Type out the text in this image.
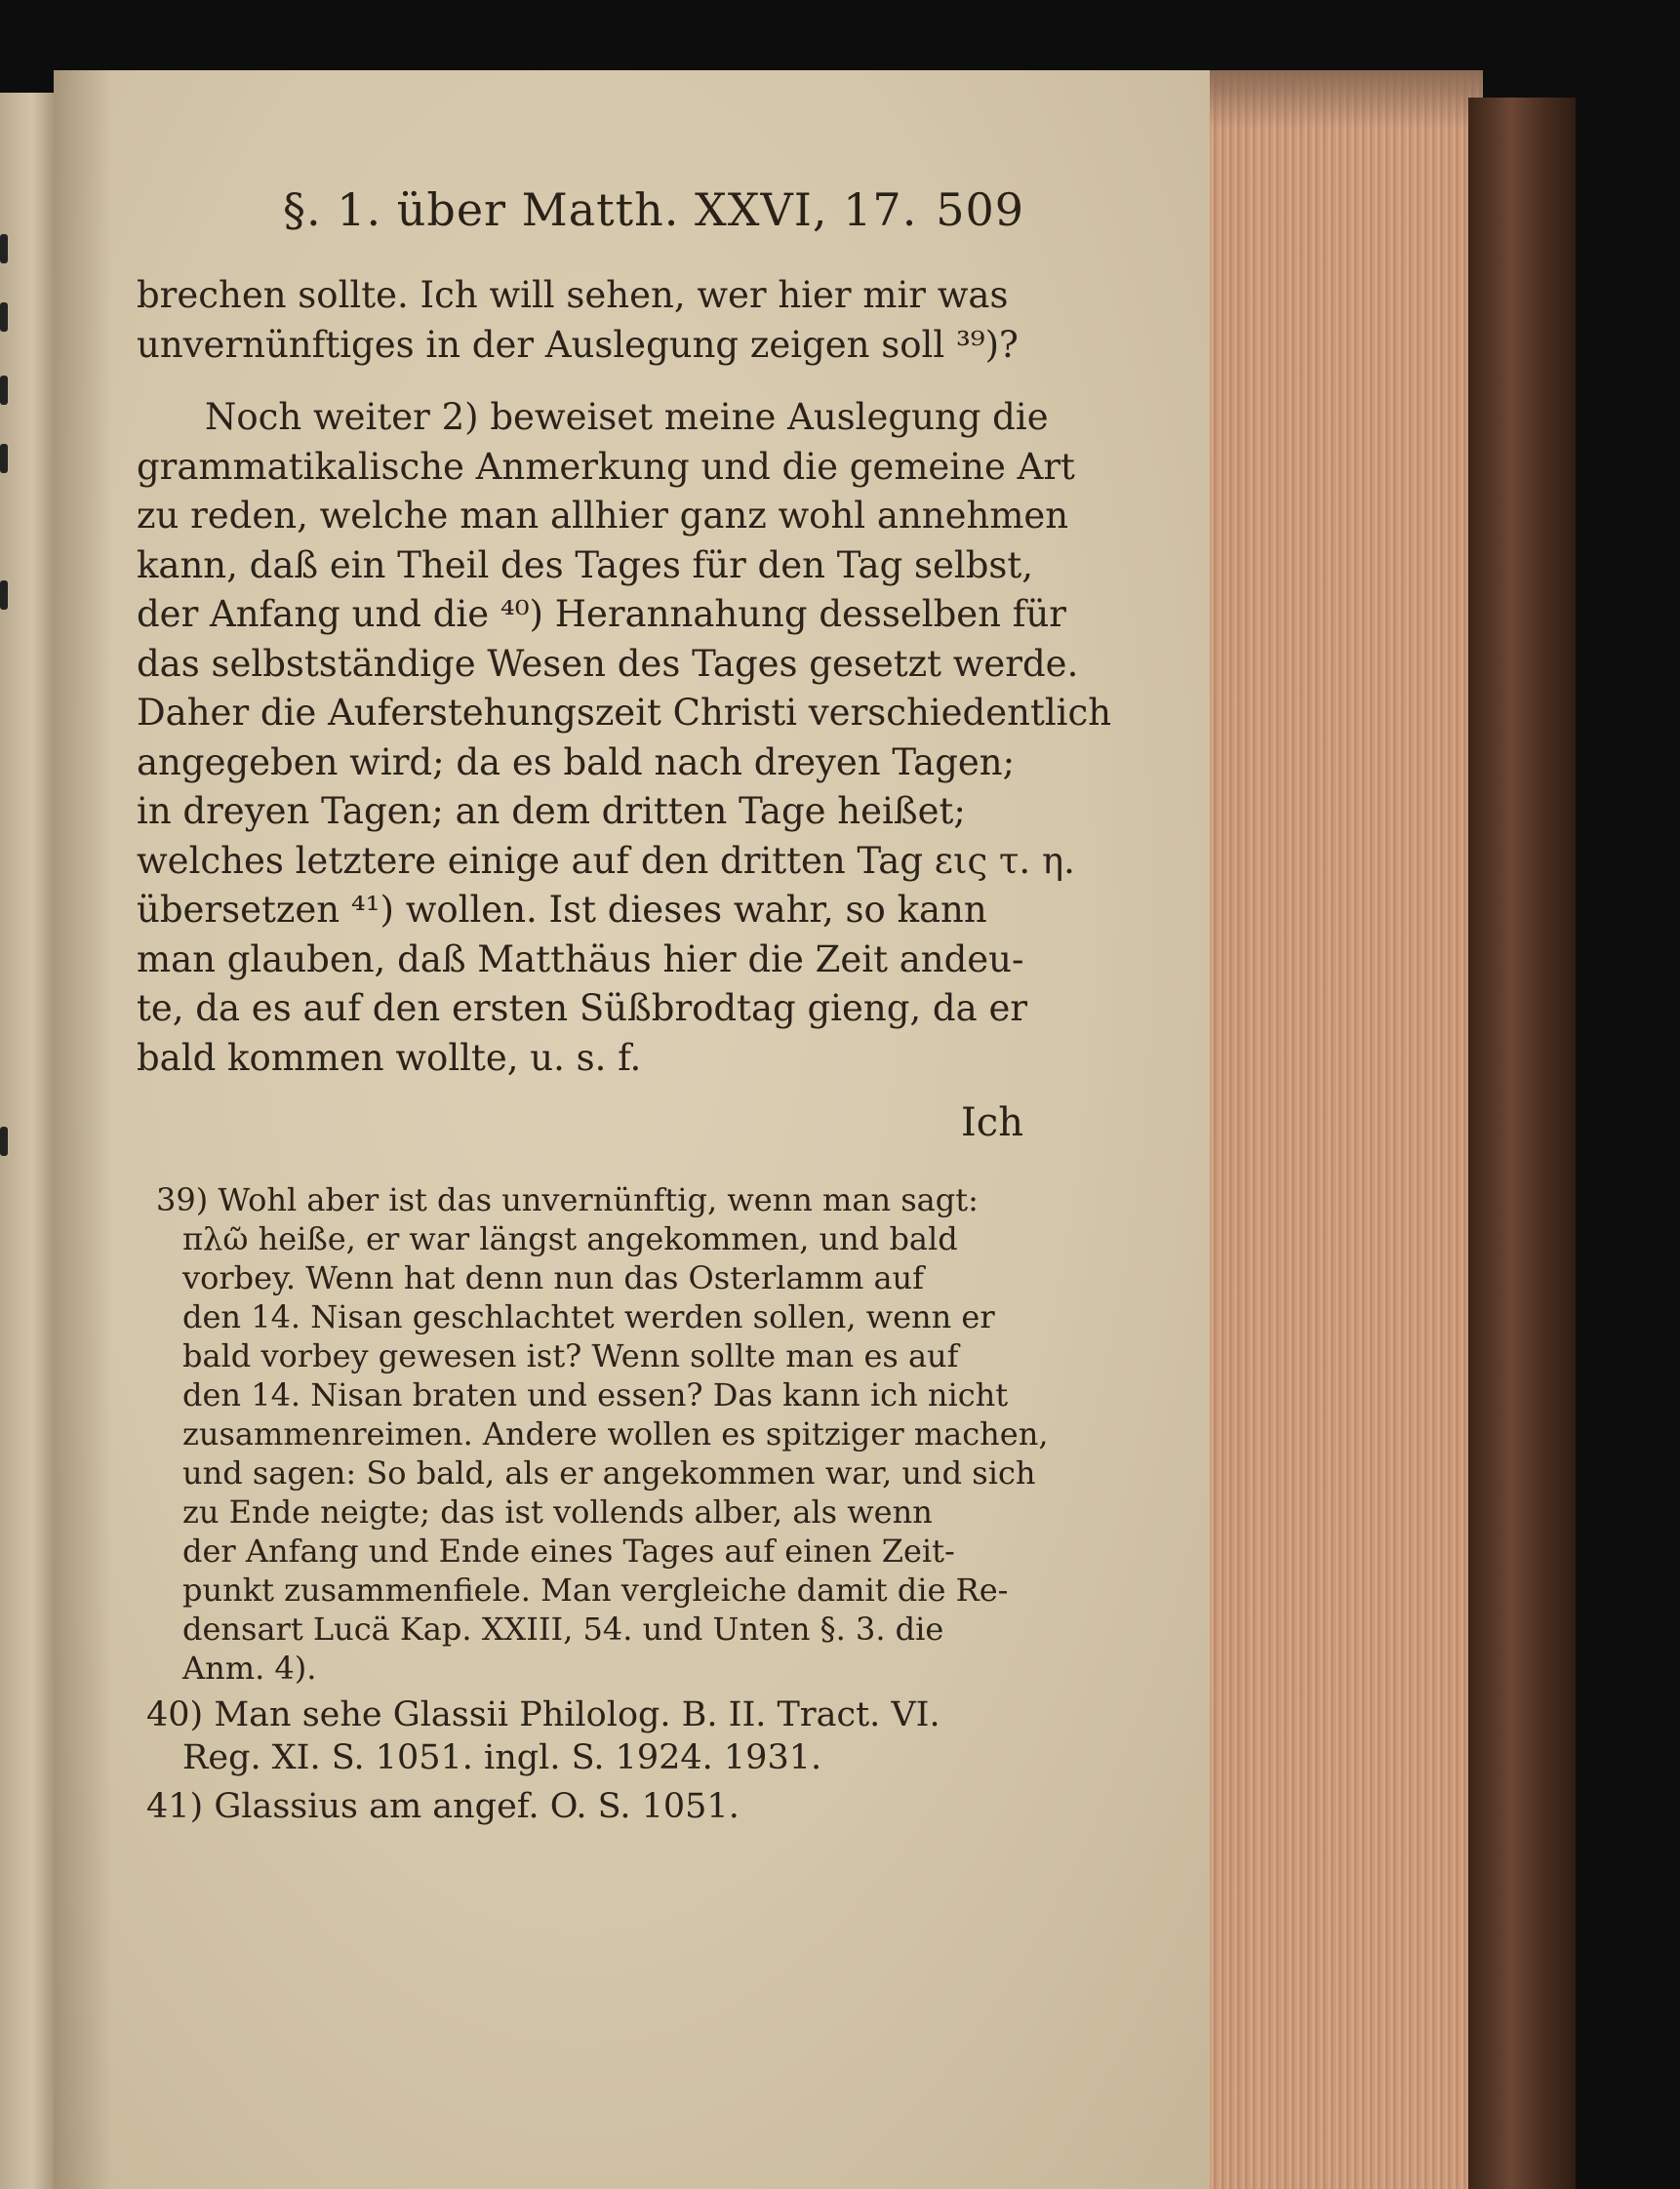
§. 1. über Matth. XXVI, 17. 509
brechen sollte. Ich will sehen, wer hier mir was
unvernünftiges in der Auslegung zeigen soll ³⁹)?
Noch weiter 2) beweiset meine Auslegung die
grammatikalische Anmerkung und die gemeine Art
zu reden, welche man allhier ganz wohl annehmen
kann, daß ein Theil des Tages für den Tag selbst,
der Anfang und die ⁴⁰) Herannahung desselben für
das selbstständige Wesen des Tages gesetzt werde.
Daher die Auferstehungszeit Christi verschiedentlich
angegeben wird; da es bald nach dreyen Tagen;
in dreyen Tagen; an dem dritten Tage heißet;
welches letztere einige auf den dritten Tag εις τ. η.
übersetzen ⁴¹) wollen. Ist dieses wahr, so kann
man glauben, daß Matthäus hier die Zeit andeu-
te, da es auf den ersten Süßbrodtag gieng, da er
bald kommen wollte, u. s. f.
Ich
39) Wohl aber ist das unvernünftig, wenn man sagt:
πλῶ heiße, er war längst angekommen, und bald
vorbey. Wenn hat denn nun das Osterlamm auf
den 14. Nisan geschlachtet werden sollen, wenn er
bald vorbey gewesen ist? Wenn sollte man es auf
den 14. Nisan braten und essen? Das kann ich nicht
zusammenreimen. Andere wollen es spitziger machen,
und sagen: So bald, als er angekommen war, und sich
zu Ende neigte; das ist vollends alber, als wenn
der Anfang und Ende eines Tages auf einen Zeit-
punkt zusammenfiele. Man vergleiche damit die Re-
densart Lucä Kap. XXIII, 54. und Unten §. 3. die
Anm. 4).
40) Man sehe Glassii Philolog. B. II. Tract. VI.
Reg. XI. S. 1051. ingl. S. 1924. 1931.
41) Glassius am angef. O. S. 1051.
